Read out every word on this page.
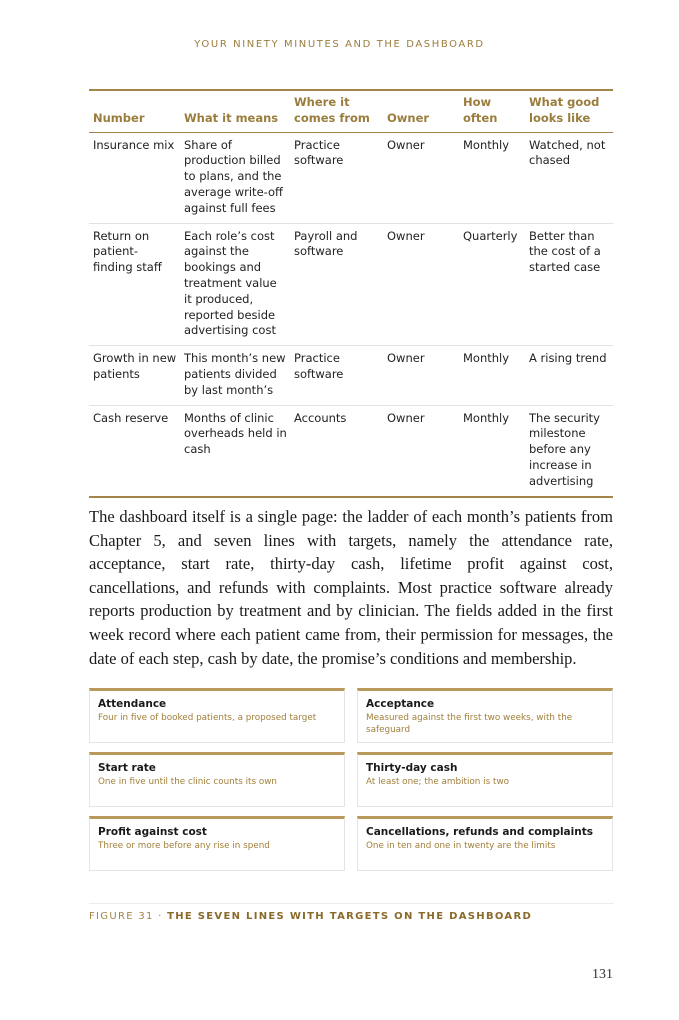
YOUR NINETY MINUTES AND THE DASHBOARD
Number	What it means	Where it comes from	Owner	How often	What good looks like
Insurance mix	Share of production billed to plans, and the average write-off against full fees	Practice software	Owner	Monthly	Watched, not chased
Return on patient-finding staff	Each role’s cost against the bookings and treatment value it produced, reported beside advertising cost	Payroll and software	Owner	Quarterly	Better than the cost of a started case
Growth in new patients	This month’s new patients divided by last month’s	Practice software	Owner	Monthly	A rising trend
Cash reserve	Months of clinic overheads held in cash	Accounts	Owner	Monthly	The security milestone before any increase in advertising

The dashboard itself is a single page: the ladder of each month’s patients from Chapter 5, and seven lines with targets, namely the attendance rate, acceptance, start rate, thirty-day cash, lifetime profit against cost, cancellations, and refunds with complaints. Most practice software already reports production by treatment and by clinician. The fields added in the first week record where each patient came from, their permission for messages, the date of each step, cash by date, the promise’s conditions and membership.

Attendance
Four in five of booked patients, a proposed target
Acceptance
Measured against the first two weeks, with the safeguard
Start rate
One in five until the clinic counts its own
Thirty-day cash
At least one; the ambition is two
Profit against cost
Three or more before any rise in spend
Cancellations, refunds and complaints
One in ten and one in twenty are the limits
FIGURE 31 · THE SEVEN LINES WITH TARGETS ON THE DASHBOARD
131
